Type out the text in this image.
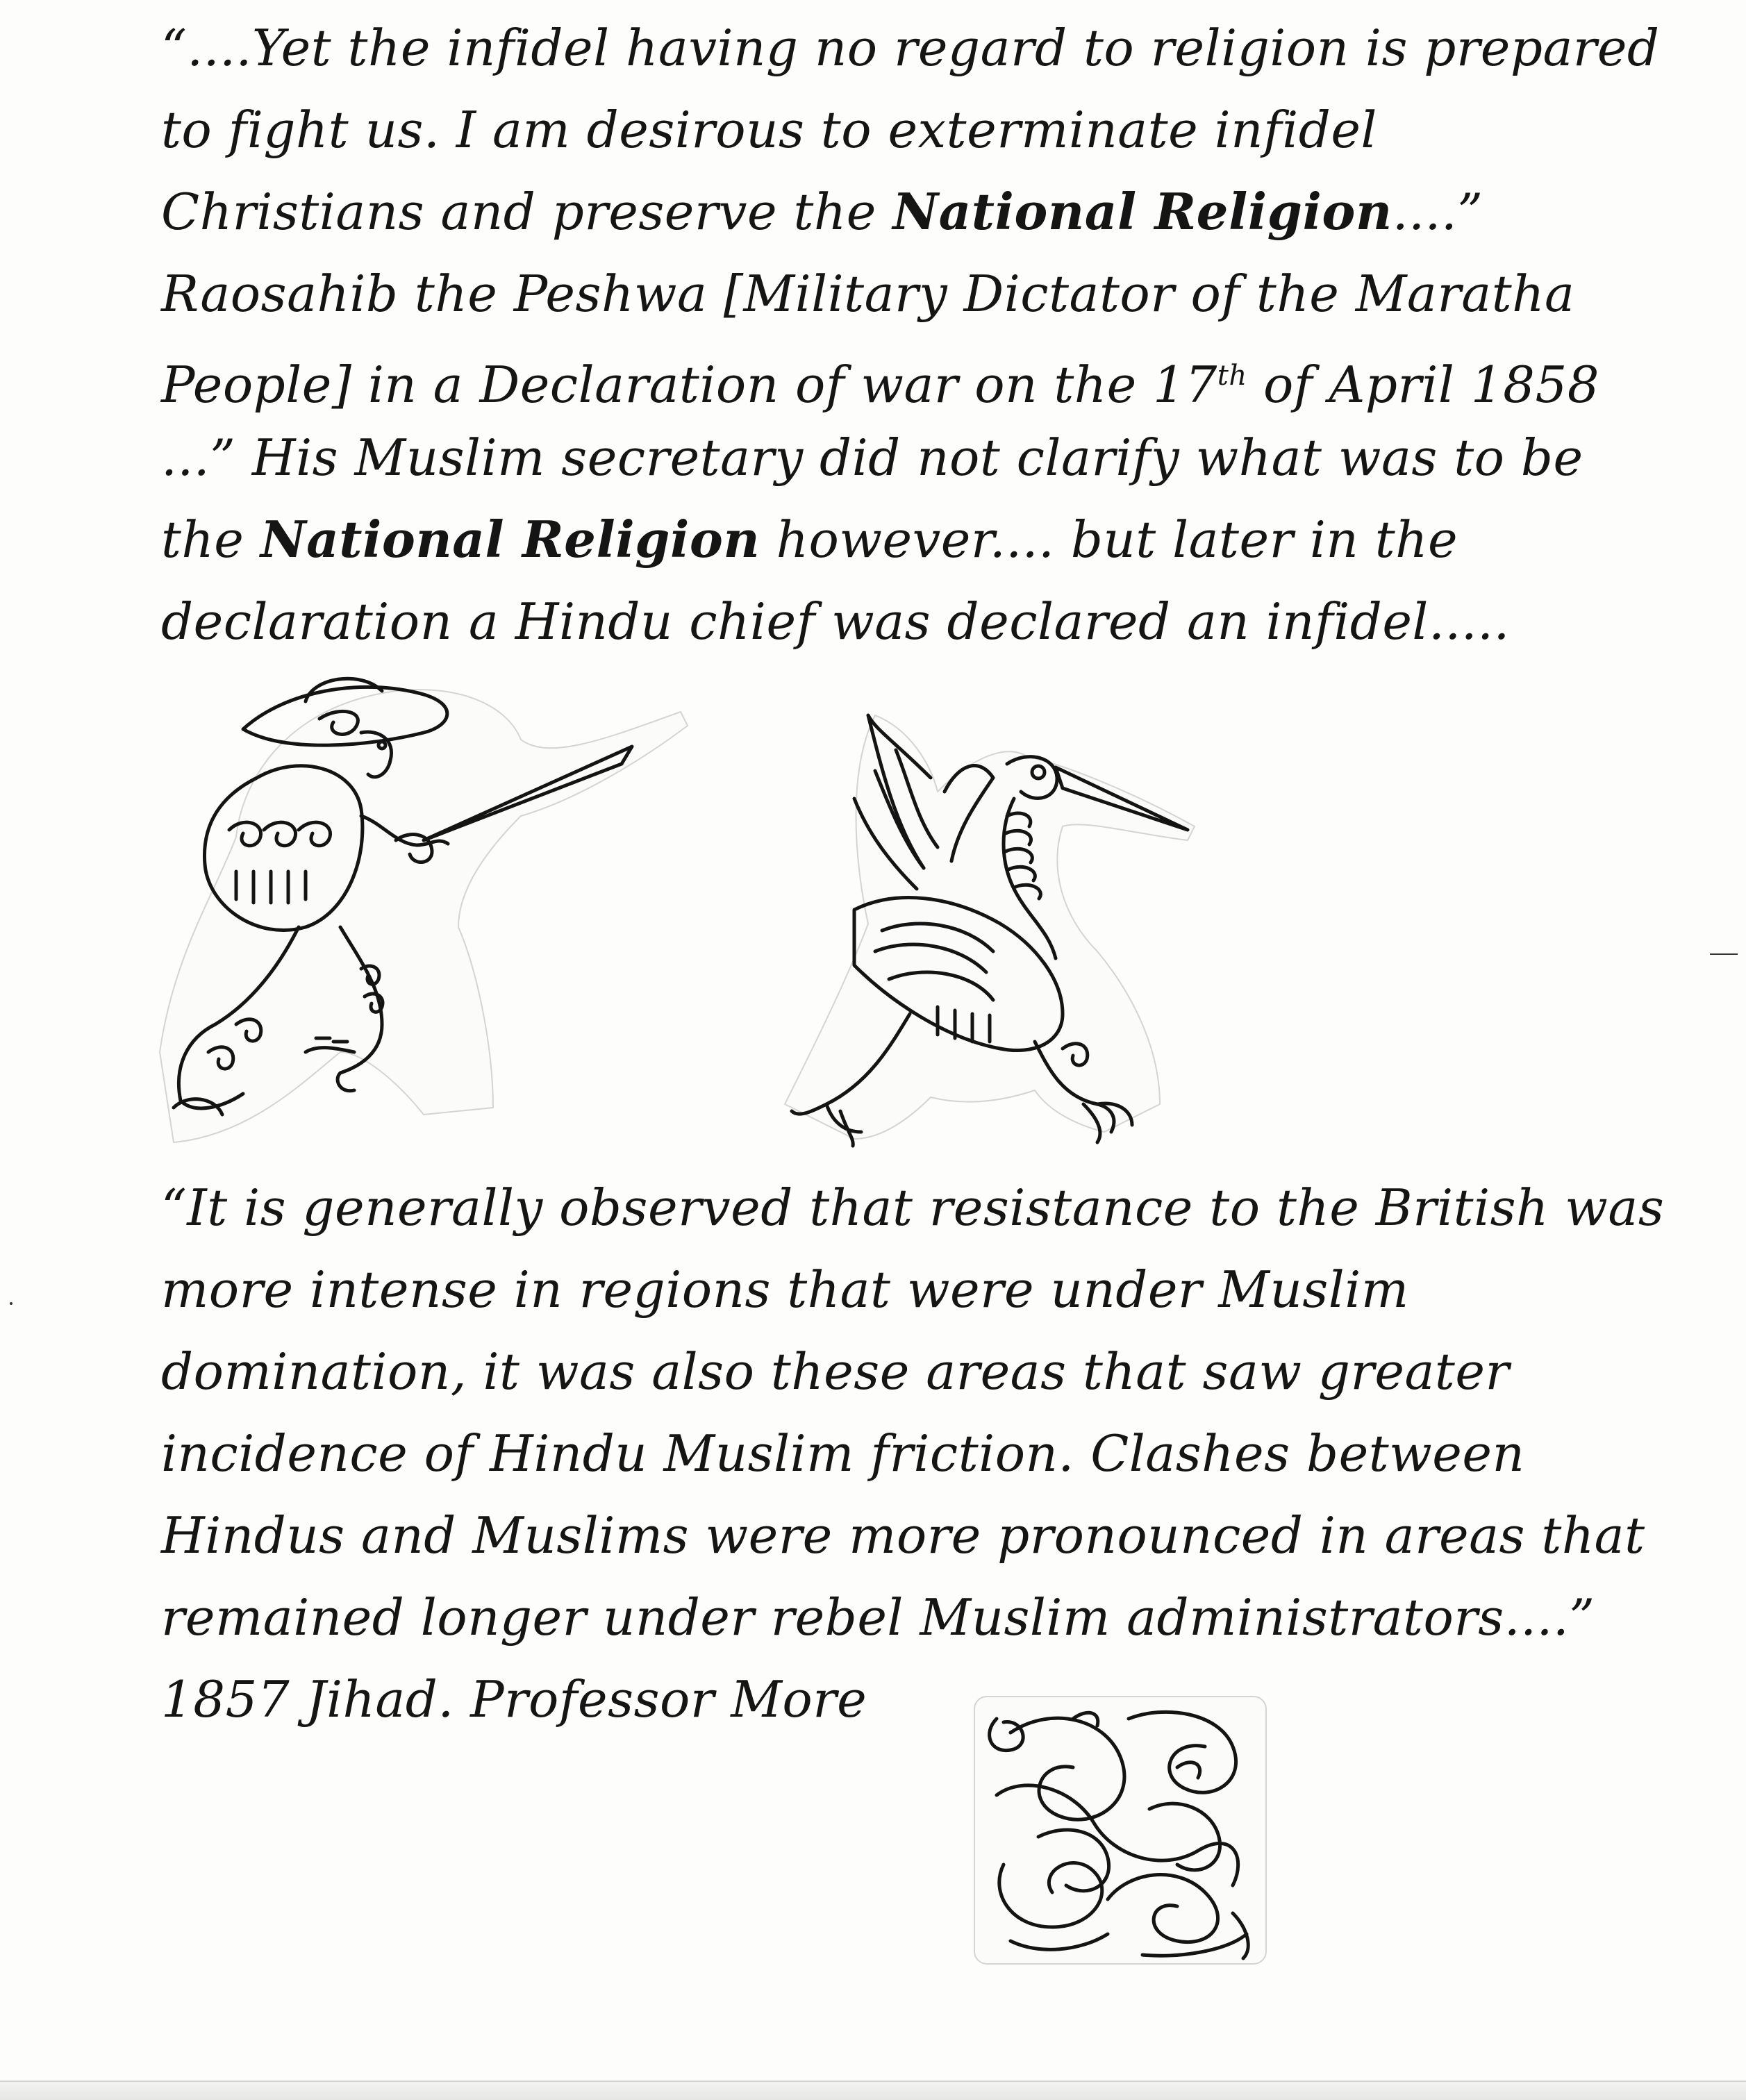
“....Yet the infidel having no regard to religion is prepared
to fight us. I am desirous to exterminate infidel
Christians and preserve the National Religion....”
Raosahib the Peshwa [Military Dictator of the Maratha
People] in a Declaration of war on the 17th of April 1858
...” His Muslim secretary did not clarify what was to be
the National Religion however.... but later in the
declaration a Hindu chief was declared an infidel.....
“It is generally observed that resistance to the British was
more intense in regions that were under Muslim
domination, it was also these areas that saw greater
incidence of Hindu Muslim friction. Clashes between
Hindus and Muslims were more pronounced in areas that
remained longer under rebel Muslim administrators....”
1857 Jihad. Professor More
